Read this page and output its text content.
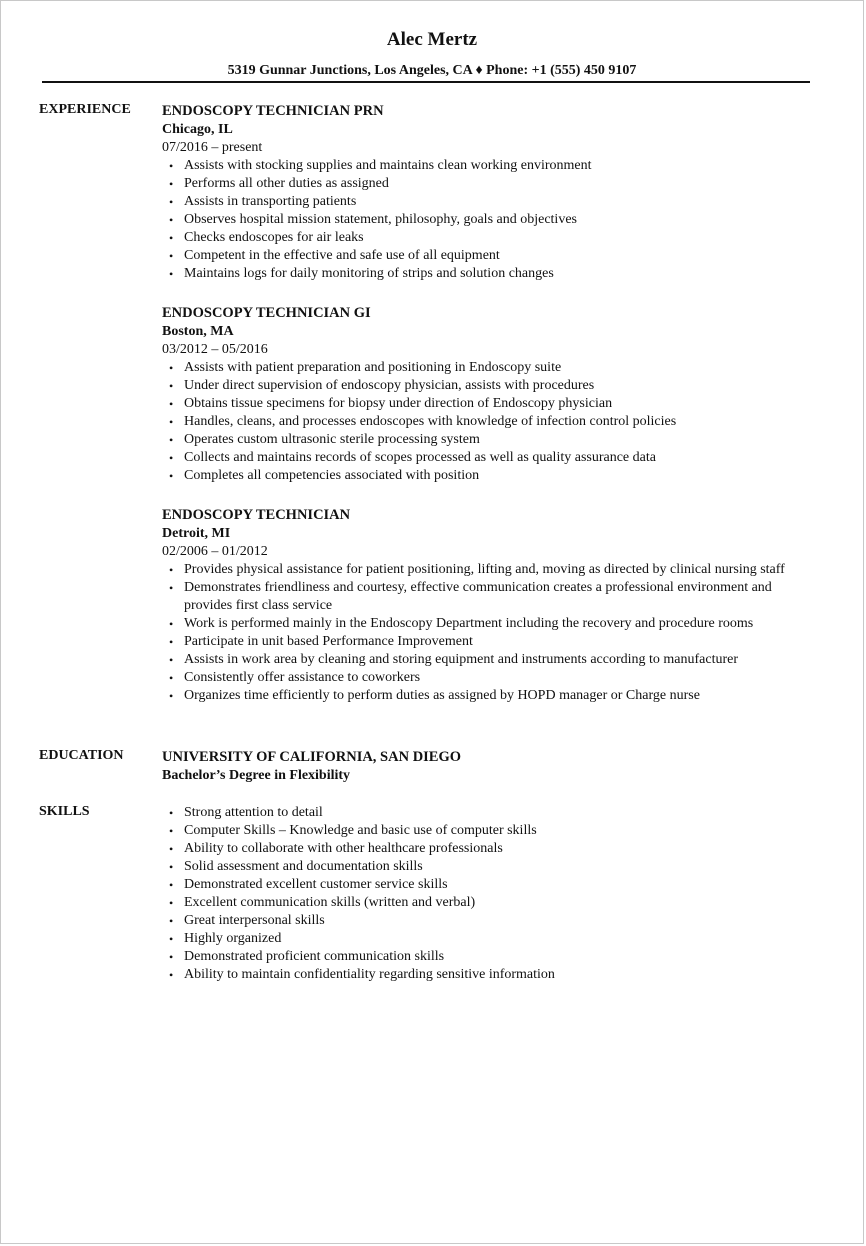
Alec Mertz
5319 Gunnar Junctions, Los Angeles, CA ♦ Phone: +1 (555) 450 9107
EXPERIENCE ENDOSCOPY TECHNICIAN PRN
Chicago, IL
07/2016 – present
• Assists with stocking supplies and maintains clean working environment
• Performs all other duties as assigned
• Assists in transporting patients
• Observes hospital mission statement, philosophy, goals and objectives
• Checks endoscopes for air leaks
• Competent in the effective and safe use of all equipment
• Maintains logs for daily monitoring of strips and solution changes
ENDOSCOPY TECHNICIAN GI
Boston, MA
03/2012 – 05/2016
• Assists with patient preparation and positioning in Endoscopy suite
• Under direct supervision of endoscopy physician, assists with procedures
• Obtains tissue specimens for biopsy under direction of Endoscopy physician
• Handles, cleans, and processes endoscopes with knowledge of infection control policies
• Operates custom ultrasonic sterile processing system
• Collects and maintains records of scopes processed as well as quality assurance data
• Completes all competencies associated with position
ENDOSCOPY TECHNICIAN
Detroit, MI
02/2006 – 01/2012
• Provides physical assistance for patient positioning, lifting and, moving as directed by clinical nursing staff
• Demonstrates friendliness and courtesy, effective communication creates a professional environment and provides first class service
• Work is performed mainly in the Endoscopy Department including the recovery and procedure rooms
• Participate in unit based Performance Improvement
• Assists in work area by cleaning and storing equipment and instruments according to manufacturer
• Consistently offer assistance to coworkers
• Organizes time efficiently to perform duties as assigned by HOPD manager or Charge nurse
EDUCATION	UNIVERSITY OF CALIFORNIA, SAN DIEGO
Bachelor’s Degree in Flexibility
SKILLS	• Strong attention to detail
• Computer Skills – Knowledge and basic use of computer skills
• Ability to collaborate with other healthcare professionals
• Solid assessment and documentation skills
• Demonstrated excellent customer service skills
• Excellent communication skills (written and verbal)
• Great interpersonal skills
• Highly organized
• Demonstrated proficient communication skills
• Ability to maintain confidentiality regarding sensitive information
